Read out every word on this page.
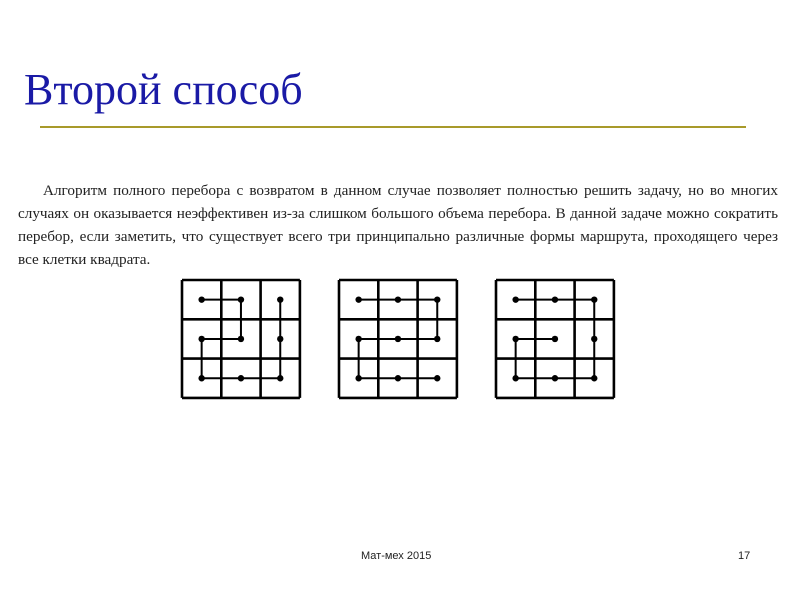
Второй способ

Алгоритм полного перебора с возвратом в данном случае позволяет полностью решить задачу, но во многих случаях он оказывается неэффективен из-за слишком большого объема перебора. В данной задаче можно сократить перебор, если заметить, что существует всего три принципально различные формы маршрута, проходящего через все клетки квадрата.

Мат-мех 2015	17
